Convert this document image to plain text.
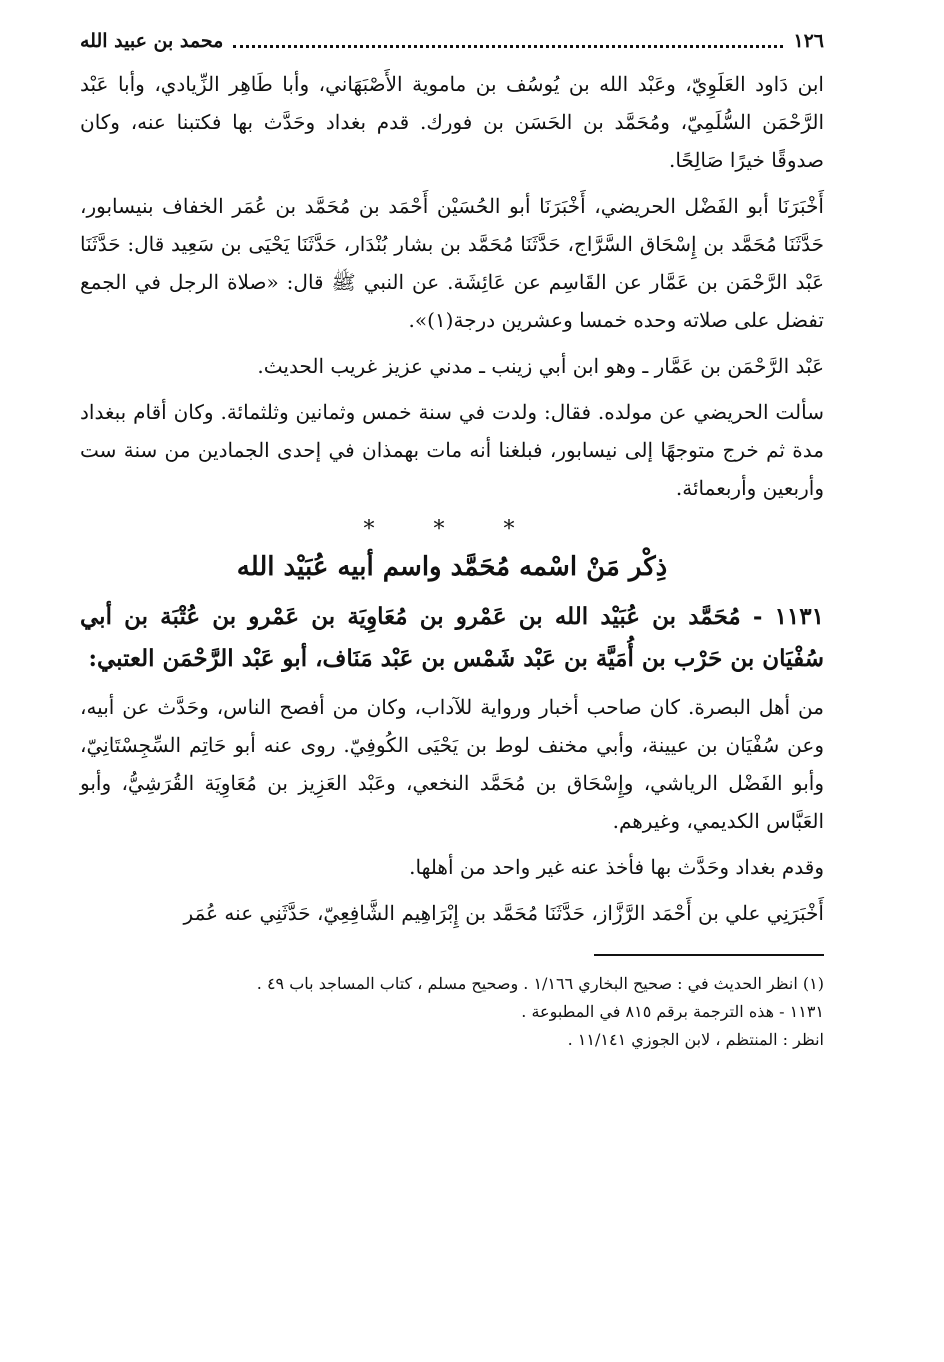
١٢٦
محمد بن عبيد الله

ابن دَاود العَلَوِيّ، وعَبْد الله بن يُوسُف بن ماموية الأَصْبَهَاني، وأبا طَاهِر الزِّيادي، وأبا عَبْد الرَّحْمَن السُّلَمِيّ، ومُحَمَّد بن الحَسَن بن فورك. قدم بغداد وحَدَّث بها فكتبنا عنه، وكان صدوقًا خيرًا صَالِحًا.

أَخْبَرَنَا أبو الفَضْل الحريضي، أَخْبَرَنَا أبو الحُسَيْن أَحْمَد بن مُحَمَّد بن عُمَر الخفاف بنيسابور، حَدَّثَنَا مُحَمَّد بن إِسْحَاق السَّرَّاج، حَدَّثَنَا مُحَمَّد بن بشار بُنْدَار، حَدَّثَنَا يَحْيَى بن سَعِيد قال: حَدَّثَنَا عَبْد الرَّحْمَن بن عَمَّار عن القَاسِم عن عَائِشَة. عن النبي ﷺ قال: «صلاة الرجل في الجمع تفضل على صلاته وحده خمسا وعشرين درجة(١)».

عَبْد الرَّحْمَن بن عَمَّار ـ وهو ابن أبي زينب ـ مدني عزيز غريب الحديث.

سألت الحريضي عن مولده. فقال: ولدت في سنة خمس وثمانين وثلثمائة. وكان أقام ببغداد مدة ثم خرج متوجهًا إلى نيسابور، فبلغنا أنه مات بهمذان في إحدى الجمادين من سنة ست وأربعين وأربعمائة.

* * *
ذِكْر مَنْ اسْمه مُحَمَّد واسم أبيه عُبَيْد الله
١١٣١ - مُحَمَّد بن عُبَيْد الله بن عَمْرو بن مُعَاوِيَة بن عَمْرو بن عُتْبَة بن أبي سُفْيَان بن حَرْب بن أُمَيَّة بن عَبْد شَمْس بن عَبْد مَنَاف، أبو عَبْد الرَّحْمَن العتبي:

من أهل البصرة. كان صاحب أخبار ورواية للآداب، وكان من أفصح الناس، وحَدَّث عن أبيه، وعن سُفْيَان بن عيينة، وأبي مخنف لوط بن يَحْيَى الكُوفِيّ. روى عنه أبو حَاتِم السِّجِسْتَانِيّ، وأبو الفَضْل الرياشي، وإِسْحَاق بن مُحَمَّد النخعي، وعَبْد العَزِيز بن مُعَاوِيَة القُرَشِيُّ، وأبو العَبَّاس الكديمي، وغيرهم.

وقدم بغداد وحَدَّث بها فأخذ عنه غير واحد من أهلها.

أَخْبَرَنِي علي بن أَحْمَد الرَّزَّاز، حَدَّثَنَا مُحَمَّد بن إِبْرَاهِيم الشَّافِعِيّ، حَدَّثَنِي عنه عُمَر

(١) انظر الحديث في : صحيح البخاري ١/١٦٦ . وصحيح مسلم ، كتاب المساجد باب ٤٩ .

١١٣١ - هذه الترجمة برقم ٨١٥ في المطبوعة .

انظر : المنتظم ، لابن الجوزي ١١/١٤١ .
